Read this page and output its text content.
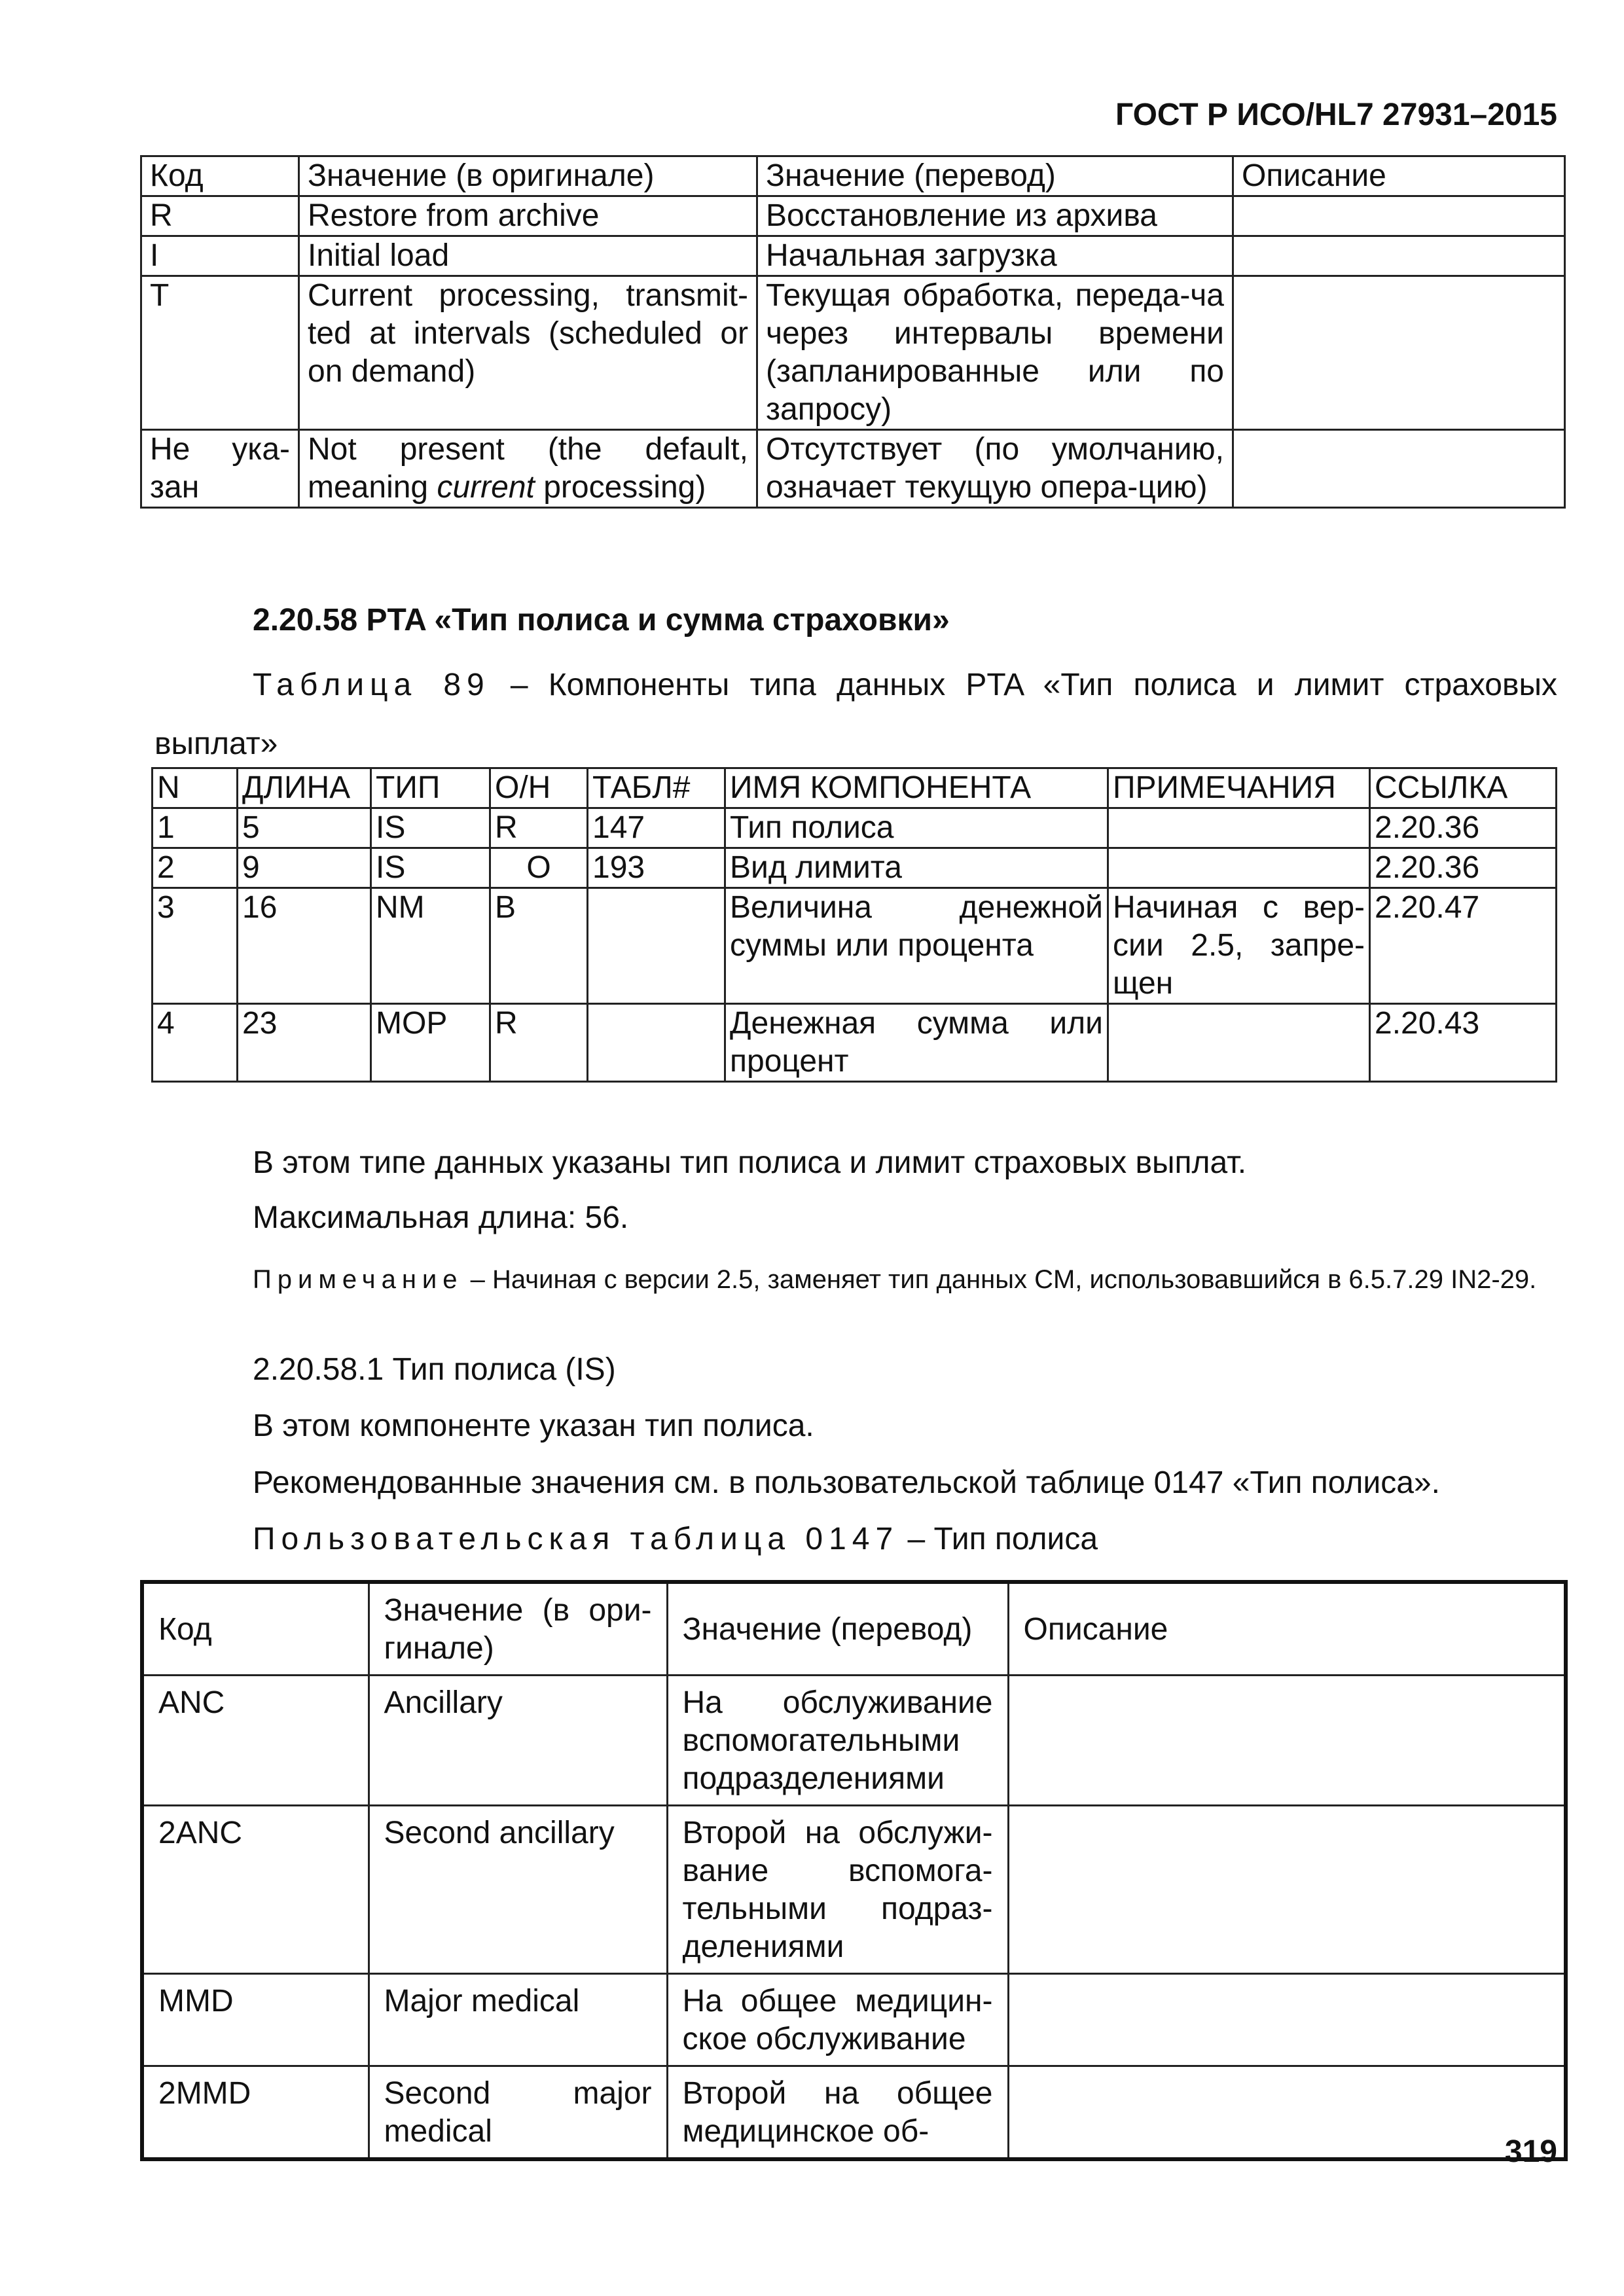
ГОСТ Р ИСО/HL7 27931–2015
Код	Значение (в оригинале)	Значение (перевод)	Описание
R	Restore from archive	Восстановление из архива	
I	Initial load	Начальная загрузка	
T	Current processing, transmit-ted at intervals (scheduled or on demand)	Текущая обработка, переда-ча через интервалы времени (запланированные или по запросу)	
Не ука-зан	Not present (the default, meaning current processing)	Отсутствует (по умолчанию, означает текущую опера-цию)	
2.20.58 PTA «Тип полиса и сумма страховки»
Таблица 89 – Компоненты типа данных PTA «Тип полиса и лимит страховых выплат»
N	ДЛИНА	ТИП	О/Н	ТАБЛ#	ИМЯ КОМПОНЕНТА	ПРИМЕЧАНИЯ	ССЫЛКА
1	5	IS	R	147	Тип полиса		2.20.36
2	9	IS	O	193	Вид лимита		2.20.36
3	16	NM	B		Величина денежной суммы или процента	Начиная с вер-сии 2.5, запре-щен	2.20.47
4	23	MOP	R		Денежная сумма или процент		2.20.43
В этом типе данных указаны тип полиса и лимит страховых выплат.
Максимальная длина: 56.
Примечание – Начиная с версии 2.5, заменяет тип данных CM, использовавшийся в 6.5.7.29 IN2-29.
2.20.58.1 Тип полиса (IS)
В этом компоненте указан тип полиса.
Рекомендованные значения см. в пользовательской таблице 0147 «Тип полиса».
Пользовательская таблица 0147 – Тип полиса
Код	Значение (в ори-гинале)	Значение (перевод)	Описание
ANC	Ancillary	На обслуживание вспомогательными подразделениями	
2ANC	Second ancillary	Второй на обслужи-вание вспомога-тельными подраз-делениями	
MMD	Major medical	На общее медицин-ское обслуживание	
2MMD	Second major medical	Второй на общее медицинское об-	
319
